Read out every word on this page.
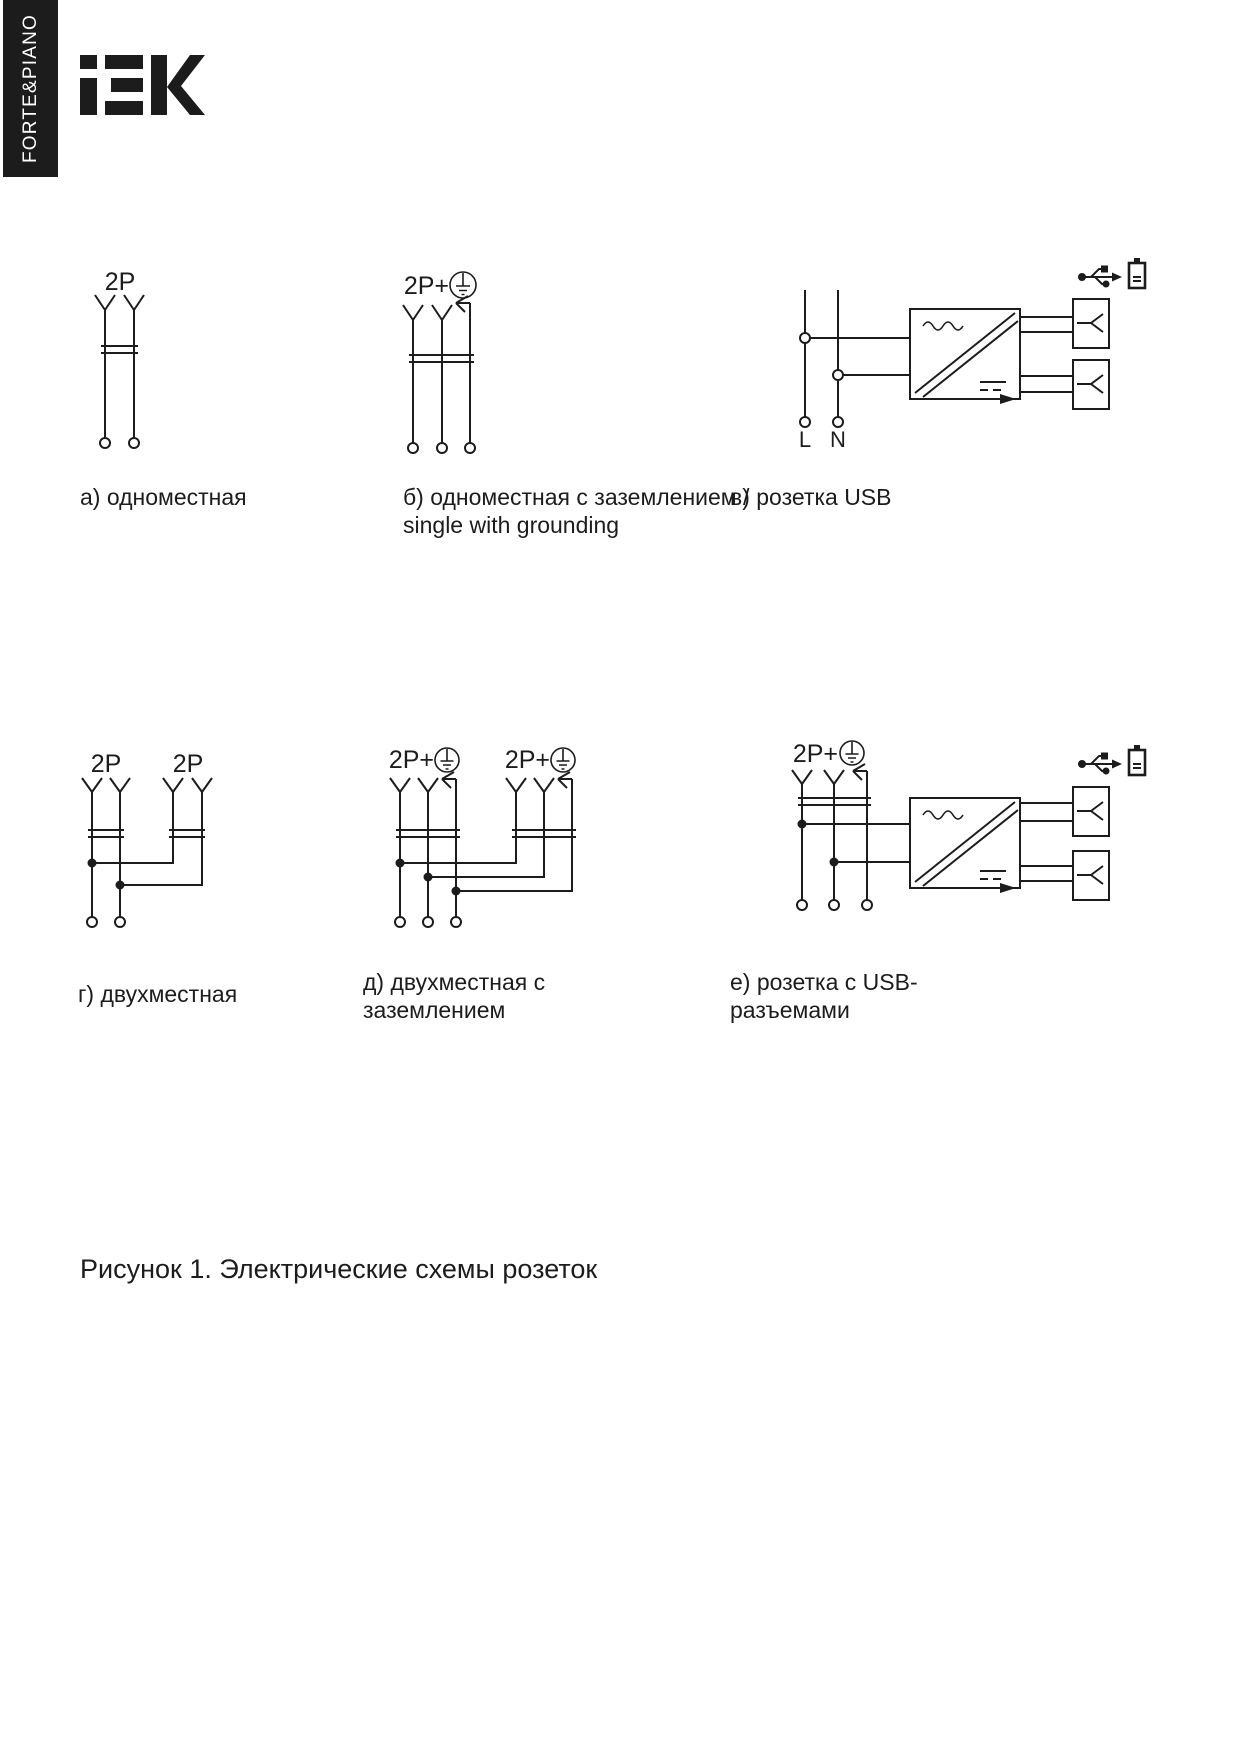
FORTE&PIANO
2P	2P+
L N
а) одноместная	б) одноместная с заземлением /
single with grounding
в) розетка USB
2P 2P	2P+	2P+	2P+
г) двухместная	д) двухместная с
заземлением
е) розетка с USB-
разъемами
Рисунок 1. Электрические схемы розеток
